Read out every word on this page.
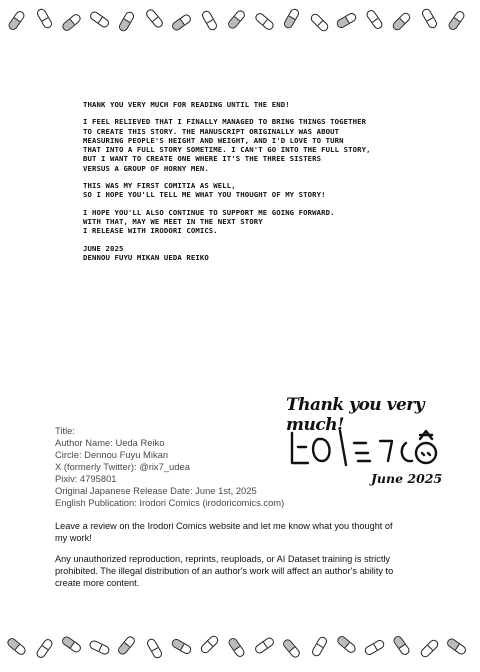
THANK YOU VERY MUCH FOR READING UNTIL THE END!

I FEEL RELIEVED THAT I FINALLY MANAGED TO BRING THINGS TOGETHER
TO CREATE THIS STORY. THE MANUSCRIPT ORIGINALLY WAS ABOUT
MEASURING PEOPLE'S HEIGHT AND WEIGHT, AND I'D LOVE TO TURN
THAT INTO A FULL STORY SOMETIME. I CAN'T GO INTO THE FULL STORY,
BUT I WANT TO CREATE ONE WHERE IT'S THE THREE SISTERS
VERSUS A GROUP OF HORNY MEN.

THIS WAS MY FIRST COMITIA AS WELL,
SO I HOPE YOU'LL TELL ME WHAT YOU THOUGHT OF MY STORY!

I HOPE YOU'LL ALSO CONTINUE TO SUPPORT ME GOING FORWARD.
WITH THAT, MAY WE MEET IN THE NEXT STORY
I RELEASE WITH IRODORI COMICS.

JUNE 2025
DENNOU FUYU MIKAN UEDA REIKO
Thank you very much!
June 2025
Title:
Author Name: Ueda Reiko
Circle: Dennou Fuyu Mikan
X (formerly Twitter): @rix7_udea
Pixiv: 4795801
Original Japanese Release Date: June 1st, 2025
English Publication: Irodori Comics (irodoricomics.com)

Leave a review on the Irodori Comics website and let me know what you thought of my work!

Any unauthorized reproduction, reprints, reuploads, or AI Dataset training is strictly prohibited. The illegal distribution of an author's work will affect an author's ability to create more content.
